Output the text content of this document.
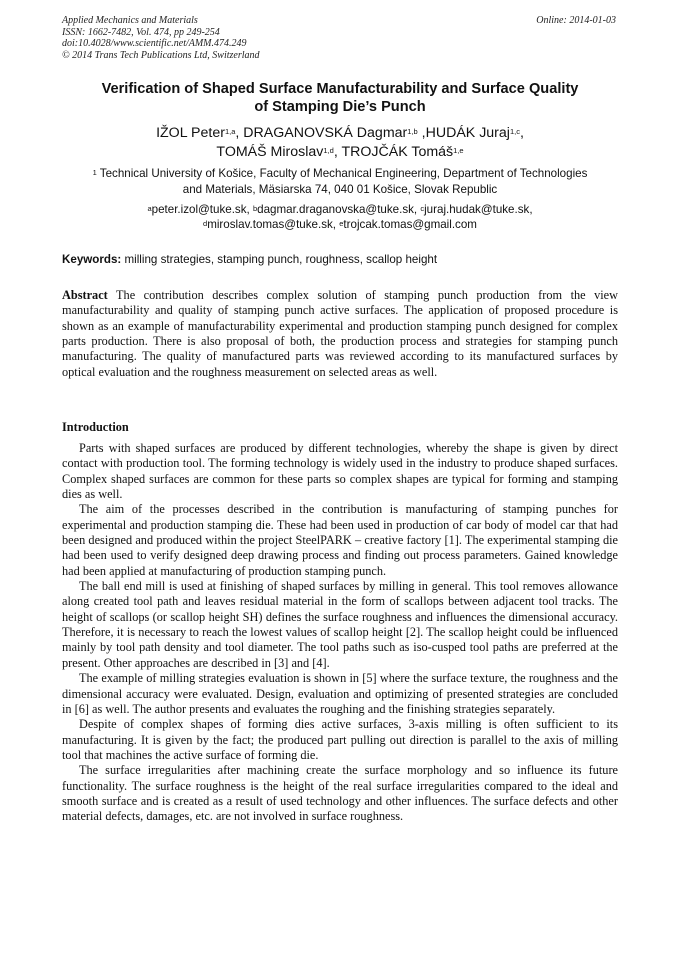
Applied Mechanics and Materials
ISSN: 1662-7482, Vol. 474, pp 249-254
doi:10.4028/www.scientific.net/AMM.474.249
© 2014 Trans Tech Publications Ltd, Switzerland
Online: 2014-01-03
Verification of Shaped Surface Manufacturability and Surface Quality
of Stamping Die’s Punch
IŽOL Peter$^{1,a}$, DRAGANOVSKÁ Dagmar$^{1,b}$ ,HUDÁK Juraj$^{1,c}$,
TOMÁŠ Miroslav$^{1,d}$, TROJČÁK Tomáš$^{1,e}$
$^1$ Technical University of Košice, Faculty of Mechanical Engineering, Department of Technologies
and Materials, Mäsiarska 74, 040 01 Košice, Slovak Republic
$^a$peter.izol@tuke.sk, $^b$dagmar.draganovska@tuke.sk, $^c$juraj.hudak@tuke.sk,
$^d$miroslav.tomas@tuke.sk, $^e$trojcak.tomas@gmail.com
Keywords: milling strategies, stamping punch, roughness, scallop height
Abstract The contribution describes complex solution of stamping punch production from the view manufacturability and quality of stamping punch active surfaces. The application of proposed procedure is shown as an example of manufacturability experimental and production stamping punch designed for complex parts production. There is also proposal of both, the production process and strategies for stamping punch manufacturing. The quality of manufactured parts was reviewed according to its manufactured surfaces by optical evaluation and the roughness measurement on selected areas as well.
Introduction

Parts with shaped surfaces are produced by different technologies, whereby the shape is given by direct contact with production tool. The forming technology is widely used in the industry to produce shaped surfaces. Complex shaped surfaces are common for these parts so complex shapes are typical for forming and stamping dies as well.

The aim of the processes described in the contribution is manufacturing of stamping punches for experimental and production stamping die. These had been used in production of car body of model car that had been designed and produced within the project SteelPARK – creative factory [1]. The experimental stamping die had been used to verify designed deep drawing process and finding out process parameters. Gained knowledge had been applied at manufacturing of production stamping punch.

The ball end mill is used at finishing of shaped surfaces by milling in general. This tool removes allowance along created tool path and leaves residual material in the form of scallops between adjacent tool tracks. The height of scallops (or scallop height SH) defines the surface roughness and influences the dimensional accuracy. Therefore, it is necessary to reach the lowest values of scallop height [2]. The scallop height could be influenced mainly by tool path density and tool diameter. The tool paths such as iso-cusped tool paths are preferred at the present. Other approaches are described in [3] and [4].

The example of milling strategies evaluation is shown in [5] where the surface texture, the roughness and the dimensional accuracy were evaluated. Design, evaluation and optimizing of presented strategies are concluded in [6] as well. The author presents and evaluates the roughing and the finishing strategies separately.

Despite of complex shapes of forming dies active surfaces, 3-axis milling is often sufficient to its manufacturing. It is given by the fact; the produced part pulling out direction is parallel to the axis of milling tool that machines the active surface of forming die.

The surface irregularities after machining create the surface morphology and so influence its future functionality. The surface roughness is the height of the real surface irregularities compared to the ideal and smooth surface and is created as a result of used technology and other influences. The surface defects and other material defects, damages, etc. are not involved in surface roughness.
